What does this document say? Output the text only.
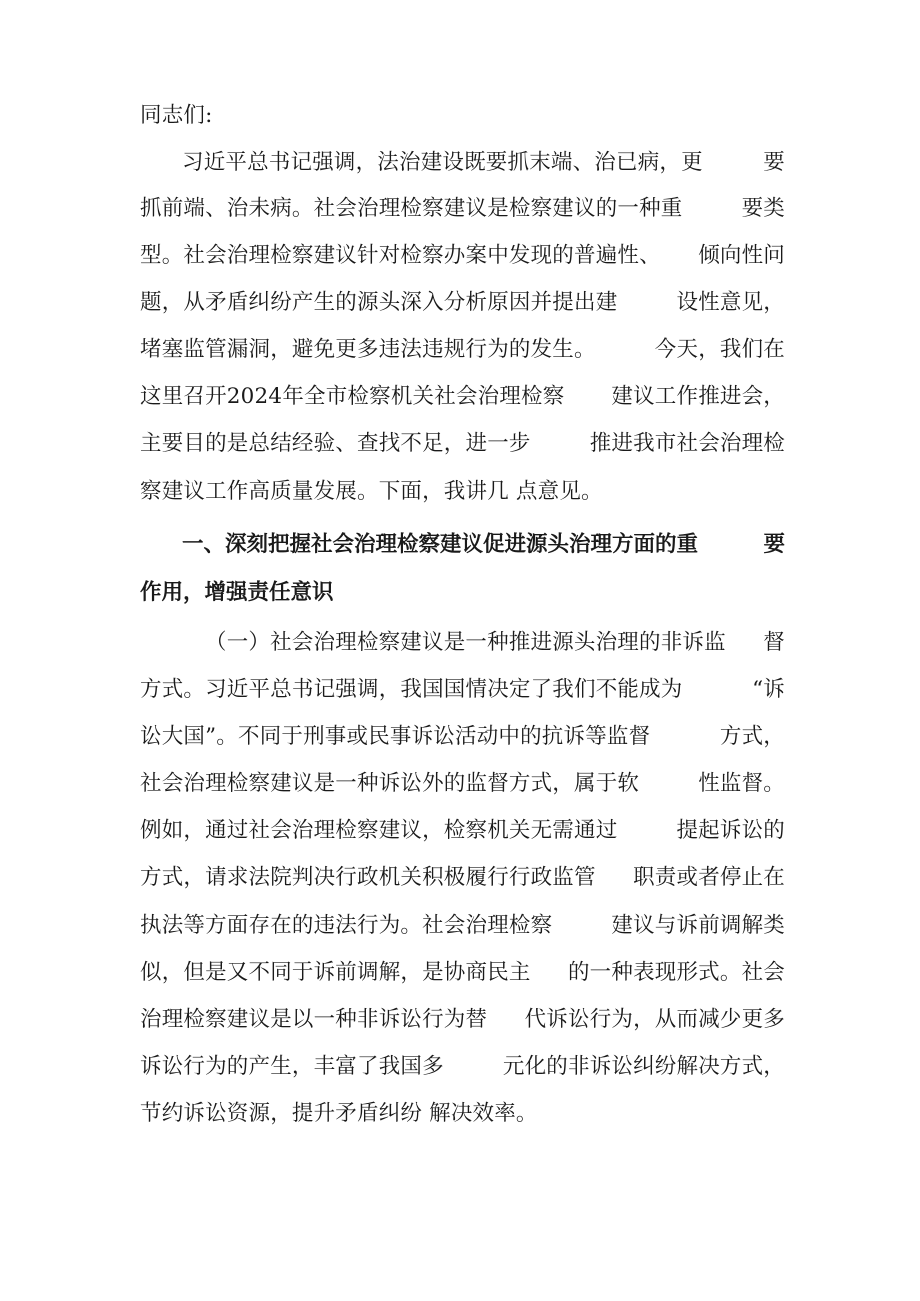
同志们:
习近平总书记强调，法治建设既要抓末端、治已病，更	要
抓前端、治未病。社会治理检察建议是检察建议的一种重	要类
型。社会治理检察建议针对检察办案中发现的普遍性、 倾向性问
题，从矛盾纠纷产生的源头深入分析原因并提出建	设性意见，
堵塞监管漏洞，避免更多违法违规行为的发生。	今天，我们在
这里召开2024年全市检察机关社会治理检察 建议工作推进会，
主要目的是总结经验、查找不足，进一步	推进我市社会治理检
察建议工作高质量发展。下面，我讲几 点意见。
一、深刻把握社会治理检察建议促进源头治理方面的重	要
作用，增强责任意识
（一）社会治理检察建议是一种推进源头治理的非诉监 督
方式。习近平总书记强调，我国国情决定了我们不能成为	“诉
讼大国”。不同于刑事或民事诉讼活动中的抗诉等监督	方式，
社会治理检察建议是一种诉讼外的监督方式，属于软	性监督。
例如，通过社会治理检察建议，检察机关无需通过	提起诉讼的
方式，请求法院判决行政机关积极履行行政监管 职责或者停止在
执法等方面存在的违法行为。社会治理检察	建议与诉前调解类
似，但是又不同于诉前调解，是协商民主 的一种表现形式。社会
治理检察建议是以一种非诉讼行为替 代诉讼行为，从而减少更多
诉讼行为的产生，丰富了我国多	元化的非诉讼纠纷解决方式，
节约诉讼资源，提升矛盾纠纷 解决效率。
